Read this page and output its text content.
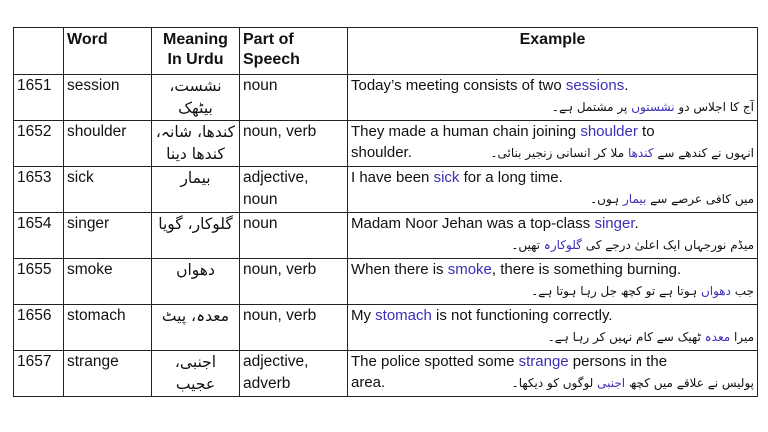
	Word	Meaning In Urdu	Part of Speech	Example
1651	session	نشست، بیٹھک	noun	Today’s meeting consists of two sessions.
آج کا اجلاس دو نشستوں پر مشتمل ہے۔

1652	shoulder	کندھا، شانہ، کندھا دینا	noun, verb	They made a human chain joining shoulder to
shoulder. انہوں نے کندھے سے کندھا ملا کر انسانی زنجیر بنائی۔

1653	sick	بیمار	adjective, noun	I have been sick for a long time.
میں کافی عرصے سے بیمار ہوں۔

1654	singer	گلوکار، گویا	noun	Madam Noor Jehan was a top-class singer.
میڈم نورجہاں ایک اعلیٰ درجے کی گلوکارہ تھیں۔

1655	smoke	دھواں	noun, verb	When there is smoke, there is something burning.
جب دھواں ہوتا ہے تو کچھ جل رہا ہوتا ہے۔

1656	stomach	معدہ، پیٹ	noun, verb	My stomach is not functioning correctly.
میرا معدہ ٹھیک سے کام نہیں کر رہا ہے۔

1657	strange	اجنبی، عجیب	adjective, adverb	The police spotted some strange persons in the
area. پولیس نے علاقے میں کچھ اجنبی لوگوں کو دیکھا۔
